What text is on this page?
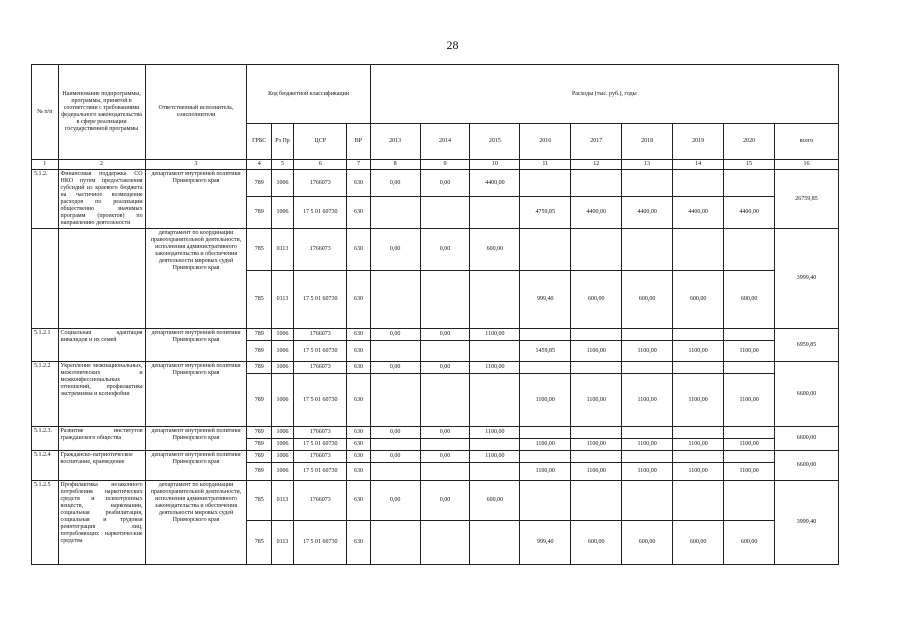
28
№ п/п	Наименование подпрограммы, программы, принятой в соответствии с требованиями федерального законодательства в сфере реализации государственной программы	Ответственный исполнитель, соисполнители	Код бюджетной классификации				Расходы (тыс. руб.), годы								
			ГРБС	Рз Пр	ЦСР	ВР	2013	2014	2015	2016	2017	2018	2019	2020	всего
1	2	3	4	5	6	7	8	9	10	11	12	13	14	15	16
5.1.2.	Финансовая поддержка СО НКО путем предоставления субсидий из краевого бюджета на частичное возмещение расходов по реализации общественно значимых программ (проектов) по направлению деятельности	департамент внутренней политики Приморского края	789	1006	1766073	630	0,00	0,00	4400,00						26759,85
			789	1006	17 5 01 60730	630				4759,85	4400,00	4400,00	4400,00	4400,00	
		департамент по координации правоохранительной деятельности, исполнения административного законодательства и обеспечения деятельности мировых судей Приморского края	785	0113	1766073	630	0,00	0,00	600,00						3999,40
			785	0113	17 5 01 60730	630				999,40	600,00	600,00	600,00	600,00	
5.1.2.1	Социальная адаптация инвалидов и их семей	департамент внутренней политики Приморского края	789	1006	1766073	630	0,00	0,00	1100,00						6959,85
			789	1006	17 5 01 60730	630				1459,85	1100,00	1100,00	1100,00	1100,00	
5.1.2.2	Укрепление межнациональных, межэтнических и межконфессиональных отношений, профилактика экстремизма и ксенофобии	департамент внутренней политики Приморского края	789	1006	1766073	630	0,00	0,00	1100,00						6600,00
			789	1006	17 5 01 60730	630				1100,00	1100,00	1100,00	1100,00	1100,00	
5.1.2.3.	Развитие институтов гражданского общества	департамент внутренней политики Приморского края	789	1006	1766073	630	0,00	0,00	1100,00						6600,00
			789	1006	17 5 01 60730	630				1100,00	1100,00	1100,00	1100,00	1100,00	
5.1.2.4	Гражданско-патриотическое воспитание, краеведение	департамент внутренней политики Приморского края	789	1006	1766073	630	0,00	0,00	1100,00						6600,00
			789	1006	17 5 01 60730	630				1100,00	1100,00	1100,00	1100,00	1100,00	
5.1.2.5	Профилактика незаконного потребления наркотических средств и психотропных веществ, наркомании, социальная реабилитация, социальная и трудовая реинтеграция лиц, потребляющих наркотические средства	департамент по координации правоохранительной деятельности, исполнения административного законодательства и обеспечения деятельности мировых судей Приморского края	785	0113	1766073	630	0,00	0,00	600,00						3999,40
			785	0113	17 5 01 60730	630				999,40	600,00	600,00	600,00	600,00	
